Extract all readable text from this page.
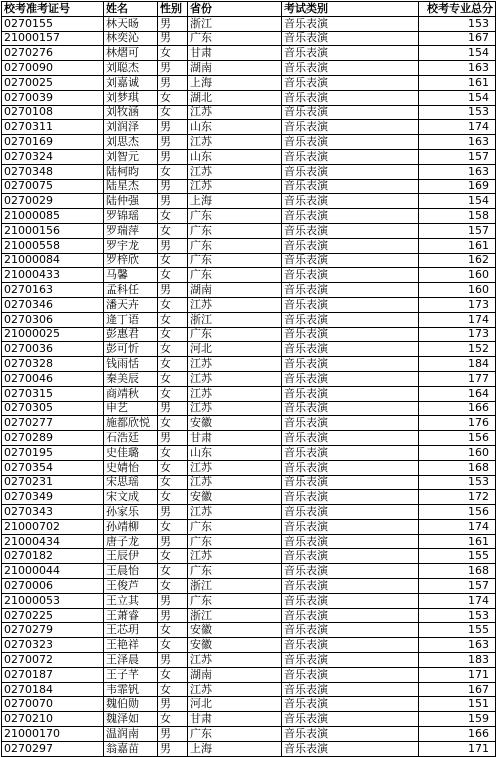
校考准考证号	姓名	性别	省份	考试类别	校考专业总分
0270155	林天旸	男	浙江	音乐表演	153
21000157	林奕沁	男	广东	音乐表演	167
0270276	林熠可	女	甘肃	音乐表演	154
0270090	刘聪杰	男	湖南	音乐表演	163
0270025	刘嘉诚	男	上海	音乐表演	161
0270039	刘梦琪	女	湖北	音乐表演	154
0270108	刘牧涵	女	江苏	音乐表演	153
0270311	刘润泽	男	山东	音乐表演	174
0270169	刘思杰	男	江苏	音乐表演	163
0270324	刘智元	男	山东	音乐表演	157
0270348	陆柯昀	女	江苏	音乐表演	163
0270075	陆星杰	男	江苏	音乐表演	169
0270029	陆仲强	男	上海	音乐表演	154
21000085	罗锦瑶	女	广东	音乐表演	158
21000156	罗瑞萍	女	广东	音乐表演	157
21000558	罗宇龙	男	广东	音乐表演	161
21000084	罗梓欣	女	广东	音乐表演	162
21000433	马馨	女	广东	音乐表演	160
0270163	孟科任	男	湖南	音乐表演	160
0270346	潘天卉	女	江苏	音乐表演	173
0270306	逄丁语	女	浙江	音乐表演	174
21000025	彭惠君	女	广东	音乐表演	173
0270036	彭可忻	女	河北	音乐表演	152
0270328	钱雨恬	女	江苏	音乐表演	184
0270046	秦美辰	女	江苏	音乐表演	177
0270315	商靖秋	女	江苏	音乐表演	164
0270305	申艺	男	江苏	音乐表演	166
0270277	施都欣悦	女	安徽	音乐表演	176
0270289	石浩廷	男	甘肃	音乐表演	156
0270195	史佳璐	女	山东	音乐表演	160
0270354	史婧怡	女	江苏	音乐表演	168
0270231	宋思瑶	女	江苏	音乐表演	153
0270349	宋文成	女	安徽	音乐表演	172
0270343	孙家乐	男	江苏	音乐表演	156
21000702	孙靖柳	女	广东	音乐表演	174
21000434	唐子龙	男	广东	音乐表演	161
0270182	王辰伊	女	江苏	音乐表演	155
21000044	王晨怡	女	广东	音乐表演	168
0270006	王俊芦	女	浙江	音乐表演	157
21000053	王立其	男	广东	音乐表演	174
0270225	王萧睿	男	浙江	音乐表演	153
0270279	王芯玥	女	安徽	音乐表演	155
0270323	王艳祥	女	安徽	音乐表演	163
0270072	王泽晨	男	江苏	音乐表演	183
0270187	王子芊	女	湖南	音乐表演	171
0270184	韦霏钒	女	江苏	音乐表演	167
0270070	魏伯勋	男	河北	音乐表演	151
0270210	魏泽如	女	甘肃	音乐表演	159
21000170	温润南	男	广东	音乐表演	166
0270297	翁嘉苗	男	上海	音乐表演	171
